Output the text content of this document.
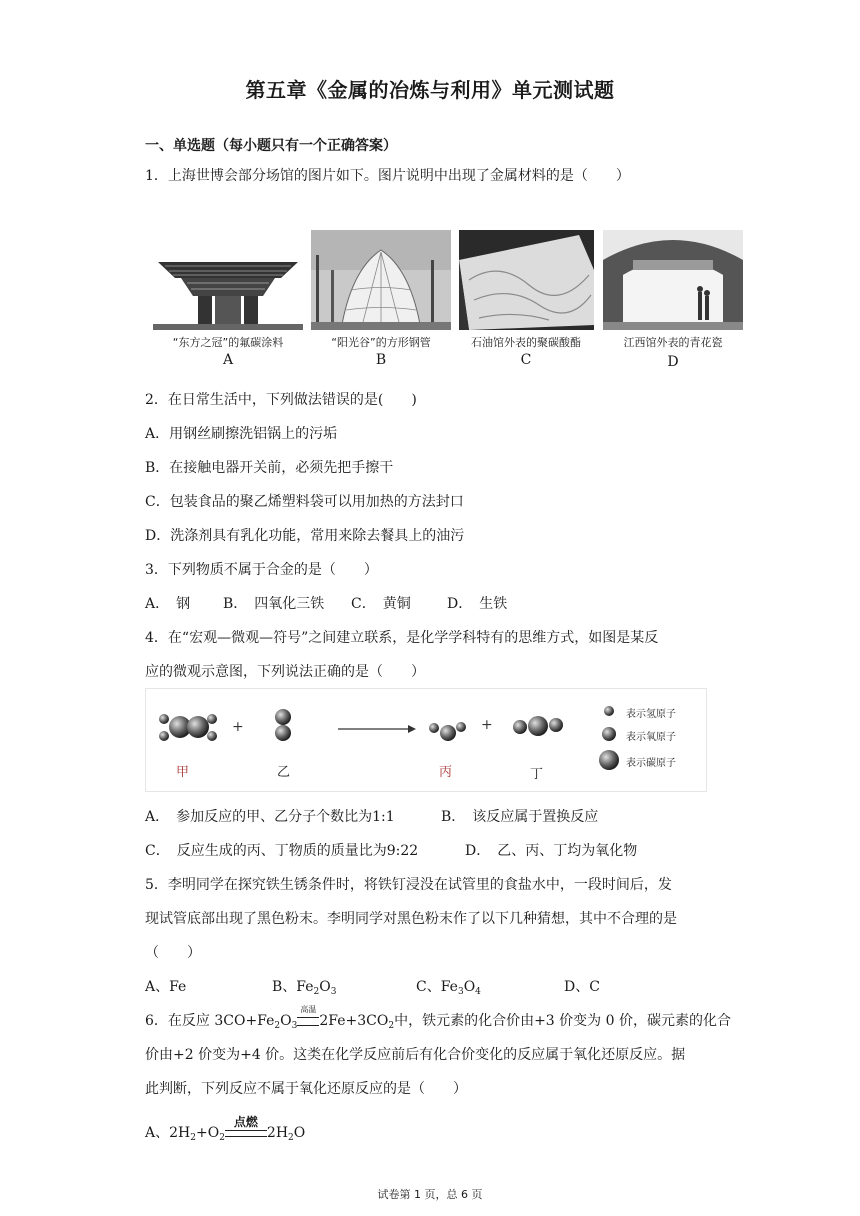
第五章《金属的冶炼与利用》单元测试题
一、单选题（每小题只有一个正确答案）
1．上海世博会部分场馆的图片如下。图片说明中出现了金属材料的是（　　）
“东方之冠”的氟碳涂料
A
“阳光谷”的方形钢管
B
石油馆外表的聚碳酸酯
C
江西馆外表的青花瓷
D
2．在日常生活中，下列做法错误的是(　　)
A．用钢丝刷擦洗铝锅上的污垢
B．在接触电器开关前，必须先把手擦干
C．包装食品的聚乙烯塑料袋可以用加热的方法封口
D．洗涤剂具有乳化功能，常用来除去餐具上的油污
3．下列物质不属于合金的是（　　）
A．　钢 B．　四氧化三铁 C．　黄铜	D．　生铁
4．在“宏观—微观—符号”之间建立联系，是化学学科特有的思维方式，如图是某反
应的微观示意图，下列说法正确的是（　　）
+	+
甲	乙	丙	丁
表示氢原子
表示氧原子
表示碳原子
A．　参加反应的甲、乙分子个数比为1:1	B．　该反应属于置换反应
C．　反应生成的丙、丁物质的质量比为9:22	D．　乙、丙、丁均为氧化物
5．李明同学在探究铁生锈条件时，将铁钉浸没在试管里的食盐水中，一段时间后，发
现试管底部出现了黑色粉末。李明同学对黑色粉末作了以下几种猜想，其中不合理的是
（　　）
A、Fe	B、Fe2O3	C、Fe3O4	D、C
6．在反应 $3CO+Fe_2O_3$
高温
$2Fe+3CO_2$中，铁元素的化合价由+3 价变为 0 价，碳元素的化合
价由+2 价变为+4 价。这类在化学反应前后有化合价变化的反应属于氧化还原反应。据
此判断，下列反应不属于氧化还原反应的是（　　）
A、$2H_2+O_2$
点燃
$2H_2O$
试卷第 1 页，总 6 页
